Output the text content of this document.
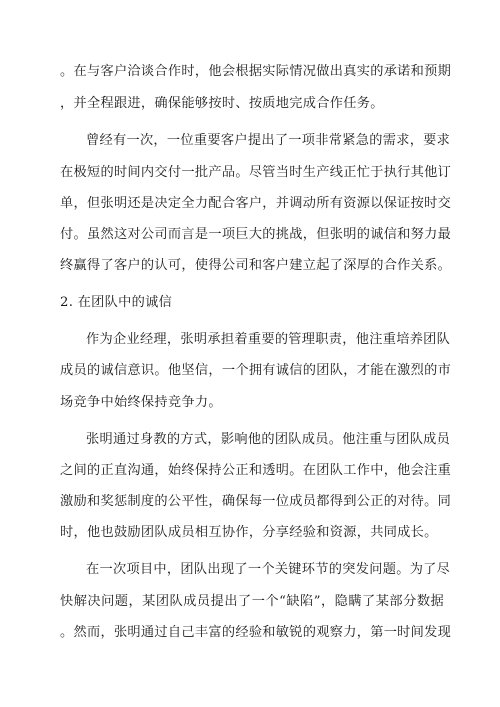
。在与客户洽谈合作时，他会根据实际情况做出真实的承诺和预期
，并全程跟进，确保能够按时、按质地完成合作任务。
曾经有一次，一位重要客户提出了一项非常紧急的需求，要求
在极短的时间内交付一批产品。尽管当时生产线正忙于执行其他订
单，但张明还是决定全力配合客户，并调动所有资源以保证按时交
付。虽然这对公司而言是一项巨大的挑战，但张明的诚信和努力最
终赢得了客户的认可，使得公司和客户建立起了深厚的合作关系。
2. 在团队中的诚信
作为企业经理，张明承担着重要的管理职责，他注重培养团队
成员的诚信意识。他坚信，一个拥有诚信的团队，才能在激烈的市
场竞争中始终保持竞争力。
张明通过身教的方式，影响他的团队成员。他注重与团队成员
之间的正直沟通，始终保持公正和透明。在团队工作中，他会注重
激励和奖惩制度的公平性，确保每一位成员都得到公正的对待。同
时，他也鼓励团队成员相互协作，分享经验和资源，共同成长。
在一次项目中，团队出现了一个关键环节的突发问题。为了尽
快解决问题，某团队成员提出了一个“缺陷”，隐瞒了某部分数据
。然而，张明通过自己丰富的经验和敏锐的观察力，第一时间发现
